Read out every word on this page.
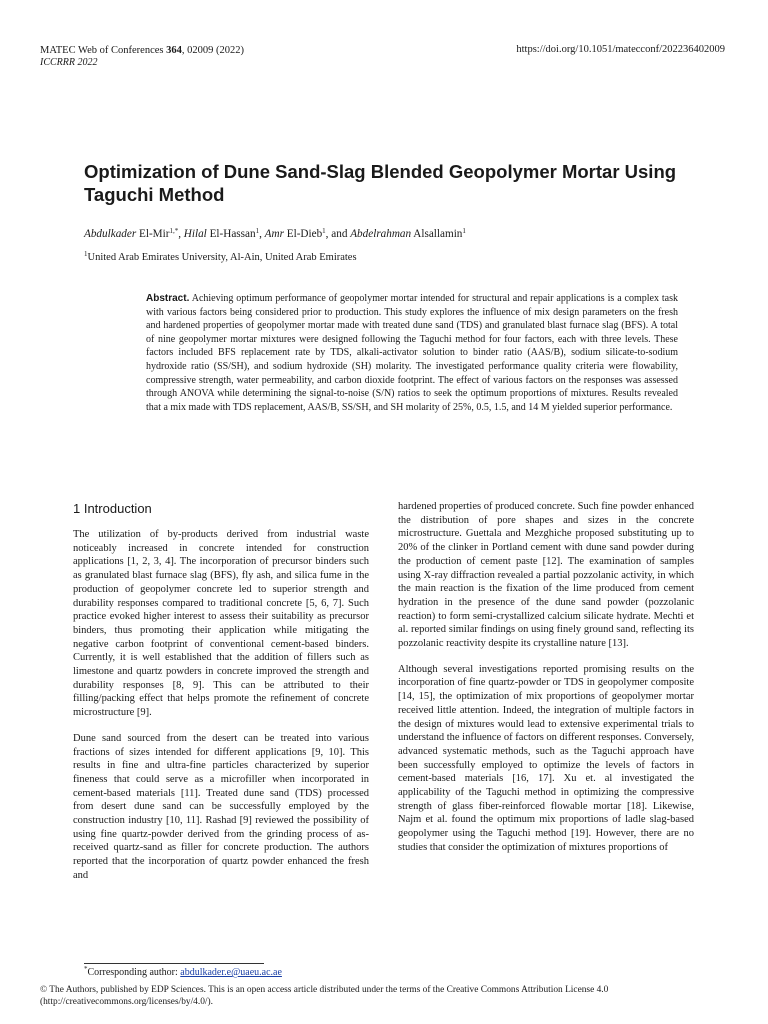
MATEC Web of Conferences 364, 02009 (2022)
ICCRRR 2022
https://doi.org/10.1051/matecconf/202236402009
Optimization of Dune Sand-Slag Blended Geopolymer Mortar Using Taguchi Method
Abdulkader El-Mir$^{1,*}$, Hilal El-Hassan$^1$, Amr El-Dieb$^1$, and Abdelrahman Alsallamin$^1$
$^1$United Arab Emirates University, Al-Ain, United Arab Emirates

Abstract. Achieving optimum performance of geopolymer mortar intended for structural and repair applications is a complex task with various factors being considered prior to production. This study explores the influence of mix design parameters on the fresh and hardened properties of geopolymer mortar made with treated dune sand (TDS) and granulated blast furnace slag (BFS). A total of nine geopolymer mortar mixtures were designed following the Taguchi method for four factors, each with three levels. These factors included BFS replacement rate by TDS, alkali-activator solution to binder ratio (AAS/B), sodium silicate-to-sodium hydroxide ratio (SS/SH), and sodium hydroxide (SH) molarity. The investigated performance quality criteria were flowability, compressive strength, water permeability, and carbon dioxide footprint. The effect of various factors on the responses was assessed through ANOVA while determining the signal-to-noise (S/N) ratios to seek the optimum proportions of mixtures. Results revealed that a mix made with TDS replacement, AAS/B, SS/SH, and SH molarity of 25%, 0.5, 1.5, and 14 M yielded superior performance.

1 Introduction

The utilization of by-products derived from industrial waste noticeably increased in concrete intended for construction applications [1, 2, 3, 4]. The incorporation of precursor binders such as granulated blast furnace slag (BFS), fly ash, and silica fume in the production of geopolymer concrete led to superior strength and durability responses compared to traditional concrete [5, 6, 7]. Such practice evoked higher interest to assess their suitability as precursor binders, thus promoting their application while mitigating the negative carbon footprint of conventional cement-based binders. Currently, it is well established that the addition of fillers such as limestone and quartz powders in concrete improved the strength and durability responses [8, 9]. This can be attributed to their filling/packing effect that helps promote the refinement of concrete microstructure [9].

Dune sand sourced from the desert can be treated into various fractions of sizes intended for different applications [9, 10]. This results in fine and ultra-fine particles characterized by superior fineness that could serve as a microfiller when incorporated in cement-based materials [11]. Treated dune sand (TDS) processed from desert dune sand can be successfully employed by the construction industry [10, 11]. Rashad [9] reviewed the possibility of using fine quartz-powder derived from the grinding process of as-received quartz-sand as filler for concrete production. The authors reported that the incorporation of quartz powder enhanced the fresh and

hardened properties of produced concrete. Such fine powder enhanced the distribution of pore shapes and sizes in the concrete microstructure. Guettala and Mezghiche proposed substituting up to 20% of the clinker in Portland cement with dune sand powder during the production of cement paste [12]. The examination of samples using X-ray diffraction revealed a partial pozzolanic activity, in which the main reaction is the fixation of the lime produced from cement hydration in the presence of the dune sand powder (pozzolanic reaction) to form semi-crystallized calcium silicate hydrate. Mechti et al. reported similar findings on using finely ground sand, reflecting its pozzolanic reactivity despite its crystalline nature [13].

Although several investigations reported promising results on the incorporation of fine quartz-powder or TDS in geopolymer composite [14, 15], the optimization of mix proportions of geopolymer mortar received little attention. Indeed, the integration of multiple factors in the design of mixtures would lead to extensive experimental trials to understand the influence of factors on different responses. Conversely, advanced systematic methods, such as the Taguchi approach have been successfully employed to optimize the levels of factors in cement-based materials [16, 17]. Xu et. al investigated the applicability of the Taguchi method in optimizing the compressive strength of glass fiber-reinforced flowable mortar [18]. Likewise, Najm et al. found the optimum mix proportions of ladle slag-based geopolymer using the Taguchi method [19]. However, there are no studies that consider the optimization of mixtures proportions of

*Corresponding author: abdulkader.e@uaeu.ac.ae
© The Authors, published by EDP Sciences. This is an open access article distributed under the terms of the Creative Commons Attribution License 4.0 (http://creativecommons.org/licenses/by/4.0/).
